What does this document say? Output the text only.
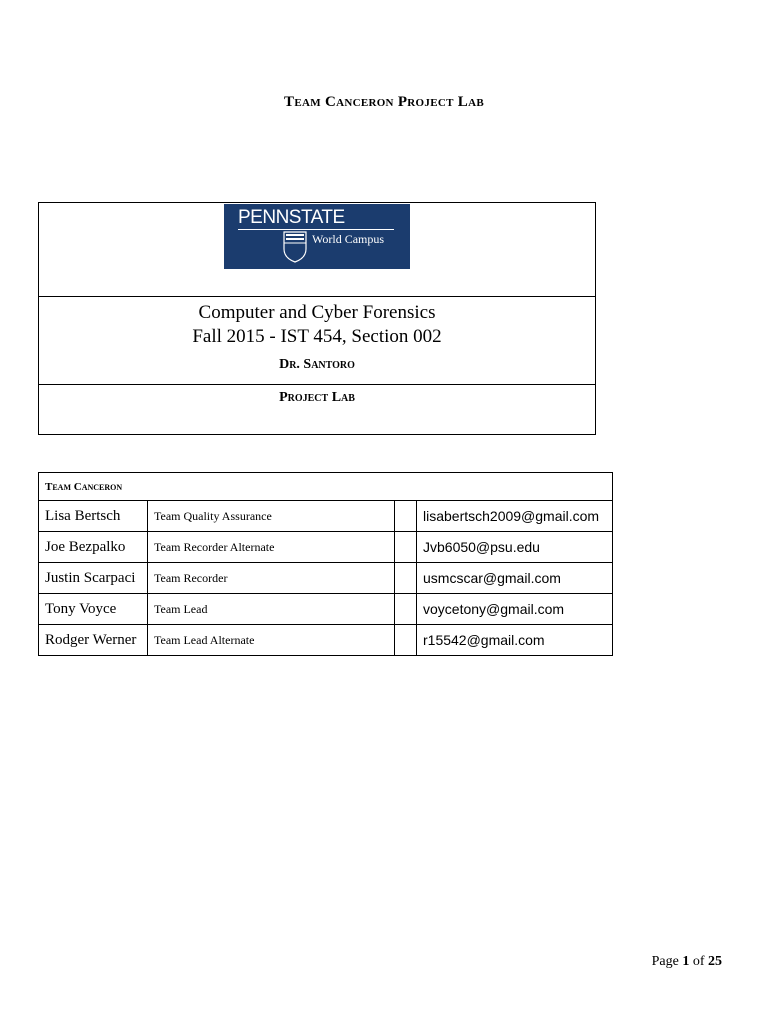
Team Canceron Project Lab
PENNSTATE
World Campus
Computer and Cyber Forensics
Fall 2015 - IST 454, Section 002
Dr. Santoro
Project Lab
Team Canceron			
Lisa Bertsch	Team Quality Assurance		lisabertsch2009@gmail.com
Joe Bezpalko	Team Recorder Alternate		Jvb6050@psu.edu
Justin Scarpaci	Team Recorder		usmcscar@gmail.com
Tony Voyce	Team Lead		voycetony@gmail.com
Rodger Werner	Team Lead Alternate		r15542@gmail.com
Page 1 of 25
